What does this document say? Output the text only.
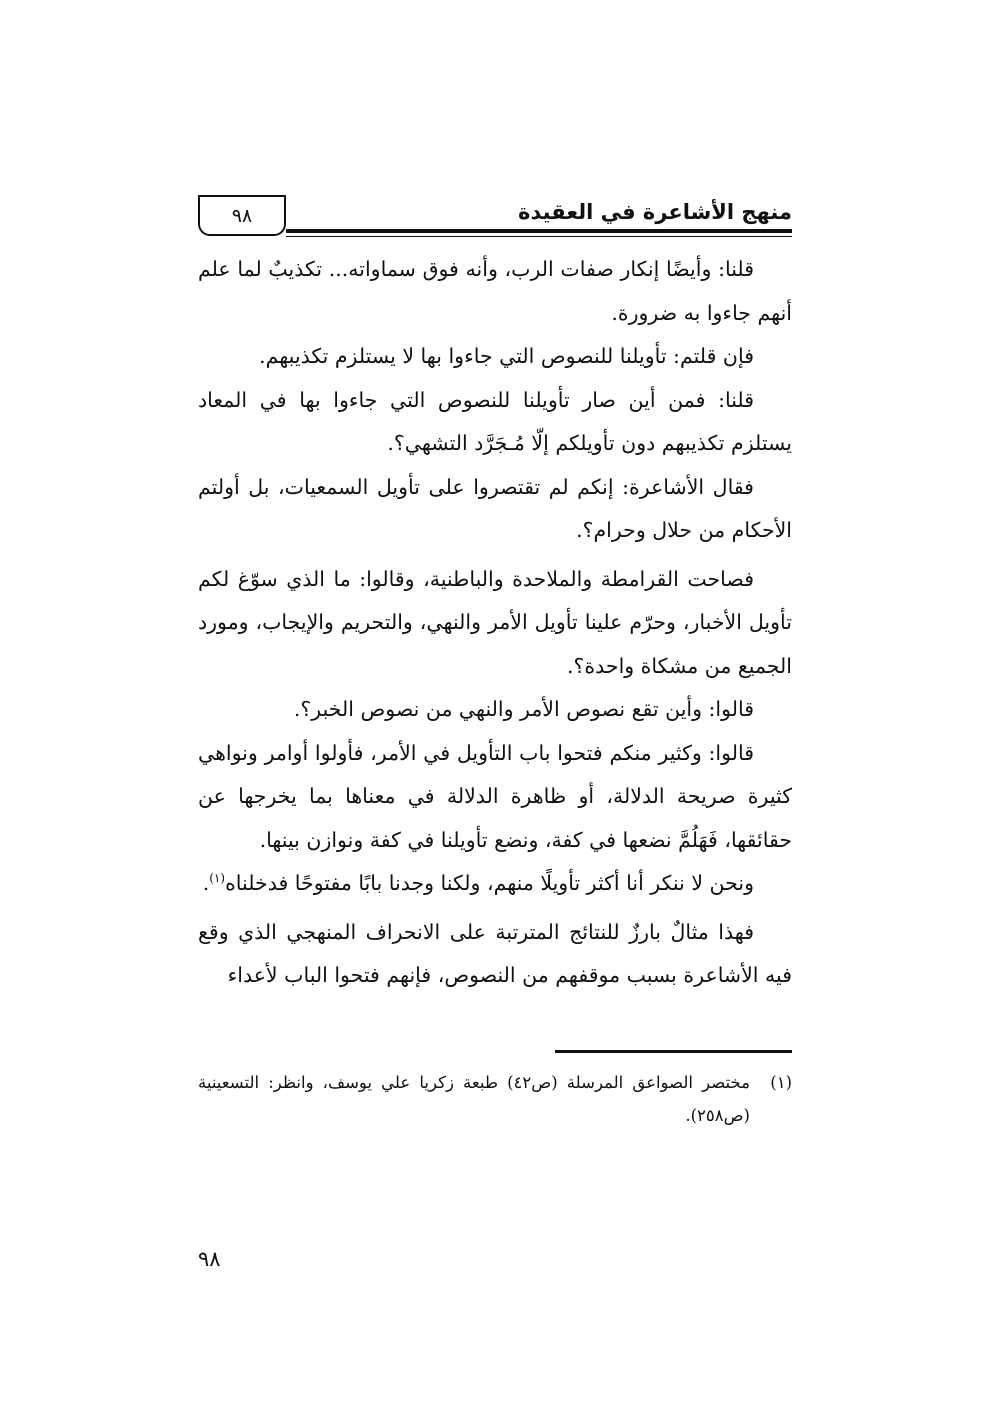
منهج الأشاعرة في العقيدة
٩٨

قلنا: وأيضًا إنكار صفات الرب، وأنه فوق سماواته... تكذيبٌ لما علم أنهم جاءوا به ضرورة.

فإن قلتم: تأويلنا للنصوص التي جاءوا بها لا يستلزم تكذيبهم.

قلنا: فمن أين صار تأويلنا للنصوص التي جاءوا بها في المعاد يستلزم تكذيبهم دون تأويلكم إلّا مُـجَرَّد التشهي؟.

فقال الأشاعرة: إنكم لم تقتصروا على تأويل السمعيات، بل أولتم الأحكام من حلال وحرام؟.

فصاحت القرامطة والملاحدة والباطنية، وقالوا: ما الذي سوّغ لكم تأويل الأخبار، وحرّم علينا تأويل الأمر والنهي، والتحريم والإيجاب، ومورد الجميع من مشكاة واحدة؟.

قالوا: وأين تقع نصوص الأمر والنهي من نصوص الخبر؟.

قالوا: وكثير منكم فتحوا باب التأويل في الأمر، فأولوا أوامر ونواهي كثيرة صريحة الدلالة، أو ظاهرة الدلالة في معناها بما يخرجها عن حقائقها، فَهَلُمَّ نضعها في كفة، ونضع تأويلنا في كفة ونوازن بينها.

ونحن لا ننكر أنا أكثر تأويلًا منهم، ولكنا وجدنا بابًا مفتوحًا فدخلناه$^{(١)}$.

فهذا مثالٌ بارزٌ للنتائج المترتبة على الانحراف المنهجي الذي وقع فيه الأشاعرة بسبب موقفهم من النصوص، فإنهم فتحوا الباب لأعداء

(١)
مختصر الصواعق المرسلة (ص٤٢) طبعة زكريا علي يوسف، وانظر: التسعينية (ص٢٥٨).
٩٨
